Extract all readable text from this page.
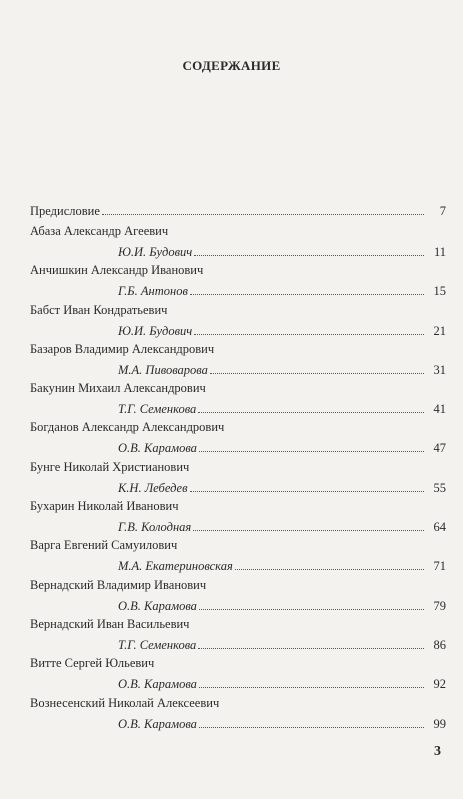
СОДЕРЖАНИЕ
Предисловие	7
Абаза Александр Агеевич
Ю.И. Будович	11
Анчишкин Александр Иванович
Г.Б. Антонов	15
Бабст Иван Кондратьевич
Ю.И. Будович	21
Базаров Владимир Александрович
М.А. Пивоварова	31
Бакунин Михаил Александрович
Т.Г. Семенкова	41
Богданов Александр Александрович
О.В. Карамова	47
Бунге Николай Христианович
К.Н. Лебедев	55
Бухарин Николай Иванович
Г.В. Колодная	64
Варга Евгений Самуилович
М.А. Екатериновская	71
Вернадский Владимир Иванович
О.В. Карамова	79
Вернадский Иван Васильевич
Т.Г. Семенкова	86
Витте Сергей Юльевич
О.В. Карамова	92
Вознесенский Николай Алексеевич
О.В. Карамова	99
3
